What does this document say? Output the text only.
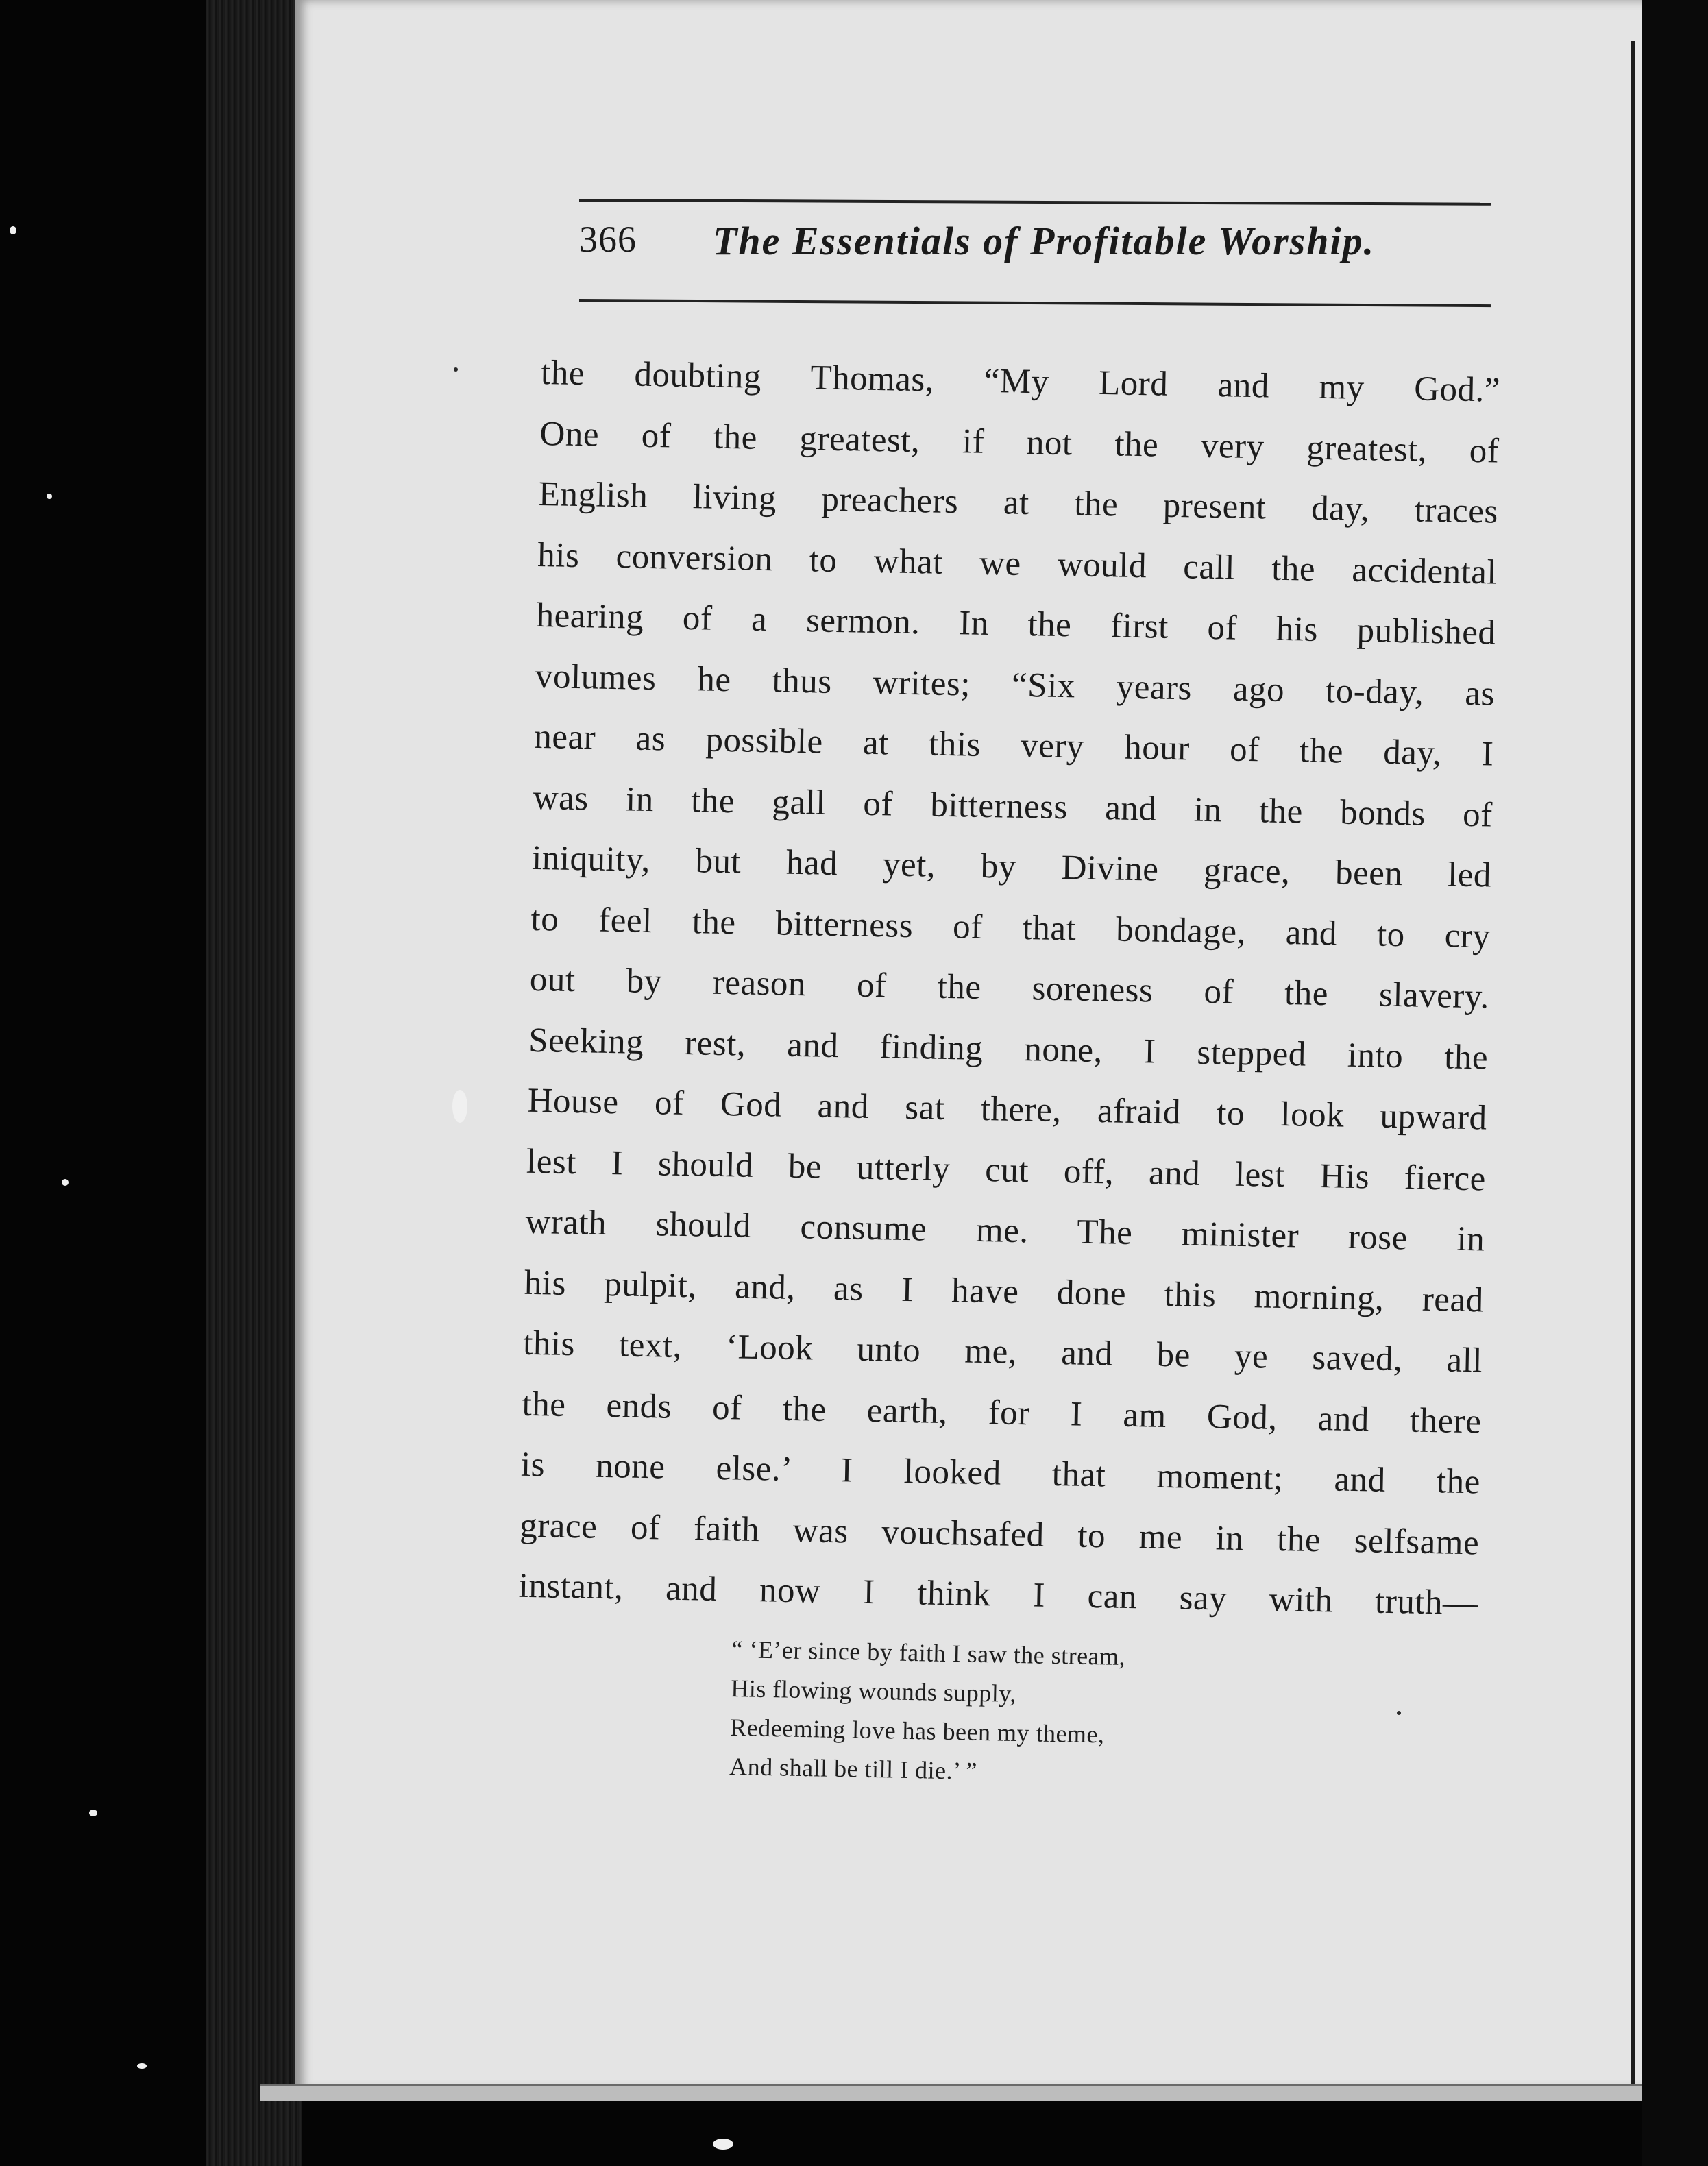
366 The Essentials of Profitable Worship.
the doubting Thomas, “My Lord and my God.”
One of the greatest, if not the very greatest, of
English living preachers at the present day, traces
his conversion to what we would call the accidental
hearing of a sermon. In the first of his published
volumes he thus writes; “Six years ago to-day, as
near as possible at this very hour of the day, I
was in the gall of bitterness and in the bonds of
iniquity, but had yet, by Divine grace, been led
to feel the bitterness of that bondage, and to cry
out by reason of the soreness of the slavery.
Seeking rest, and finding none, I stepped into the
House of God and sat there, afraid to look upward
lest I should be utterly cut off, and lest His fierce
wrath should consume me. The minister rose in
his pulpit, and, as I have done this morning, read
this text, ‘Look unto me, and be ye saved, all
the ends of the earth, for I am God, and there
is none else.’ I looked that moment; and the
grace of faith was vouchsafed to me in the selfsame
instant, and now I think I can say with truth—
“ ‘E’er since by faith I saw the stream,
His flowing wounds supply,
Redeeming love has been my theme,
And shall be till I die.’ ”
